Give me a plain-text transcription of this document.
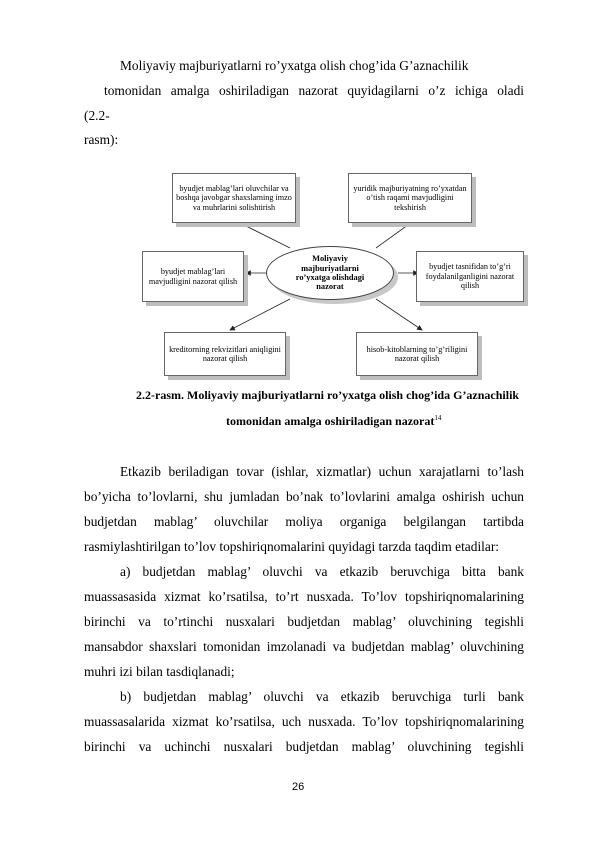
Moliyaviy majburiyatlarni ro’yxatga olish chog’ida G’aznachilik
tomonidan amalga oshiriladigan nazorat quyidagilarni o’z ichiga oladi
(2.2-
rasm):
byudjet mablag’lari oluvchilar va boshqa javobgar shaxslarning imzo va muhrlarini solishtirish
yuridik majburiyatning ro’yxatdan o’tish raqami mavjudligini tekshirish
byudjet mablag’lari mavjudligini nazorat qilish
byudjet tasnifidan to’g’ri foydalanilganligini nazorat qilish
kreditorning rekvizitlari aniqligini nazorat qilish
hisob-kitoblarning to’g’riligini nazorat qilish
Moliyaviy majburiyatlarni ro’yxatga olishdagi nazorat
2.2-rasm. Moliyaviy majburiyatlarni ro’yxatga olish chog’ida G’aznachilik
tomonidan amalga oshiriladigan nazorat$^{14}$
Etkazib beriladigan tovar (ishlar, xizmatlar) uchun xarajatlarni to’lash
bo’yicha to’lovlarni, shu jumladan bo’nak to’lovlarini amalga oshirish uchun
budjetdan mablag’ oluvchilar moliya organiga belgilangan tartibda
rasmiylashtirilgan to’lov topshiriqnomalarini quyidagi tarzda taqdim etadilar:
a) budjetdan mablag’ oluvchi va etkazib beruvchiga bitta bank
muassasasida xizmat ko’rsatilsa, to’rt nusxada. To’lov topshiriqnomalarining
birinchi va to’rtinchi nusxalari budjetdan mablag’ oluvchining tegishli
mansabdor shaxslari tomonidan imzolanadi va budjetdan mablag’ oluvchining
muhri izi bilan tasdiqlanadi;
b) budjetdan mablag’ oluvchi va etkazib beruvchiga turli bank
muassasalarida xizmat ko’rsatilsa, uch nusxada. To’lov topshiriqnomalarining
birinchi va uchinchi nusxalari budjetdan mablag’ oluvchining tegishli
26
